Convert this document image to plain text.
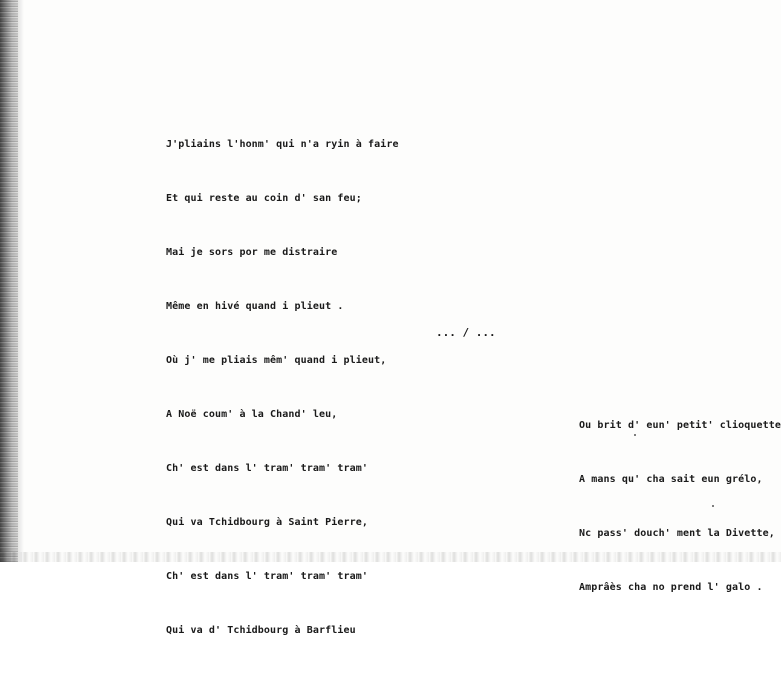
J'pliains l'honm' qui n'a ryin à faire

Et qui reste au coin d' san feu;

Mai je sors por me distraire

Même en hivé quand i plieut .

Où j' me pliais mêm' quand i plieut,

A Noë coum' à la Chand' leu,

Ch' est dans l' tram' tram' tram'

Qui va Tchidbourg à Saint Pierre,

Ch' est dans l' tram' tram' tram'

Qui va d' Tchidbourg à Barflieu

... / ...

Ou brit d' eun' petit' clioquette

A mans qu' cha sait eun grélo,

Nc pass' douch' ment la Divette,

Amprâès cha no prend l' galo .
